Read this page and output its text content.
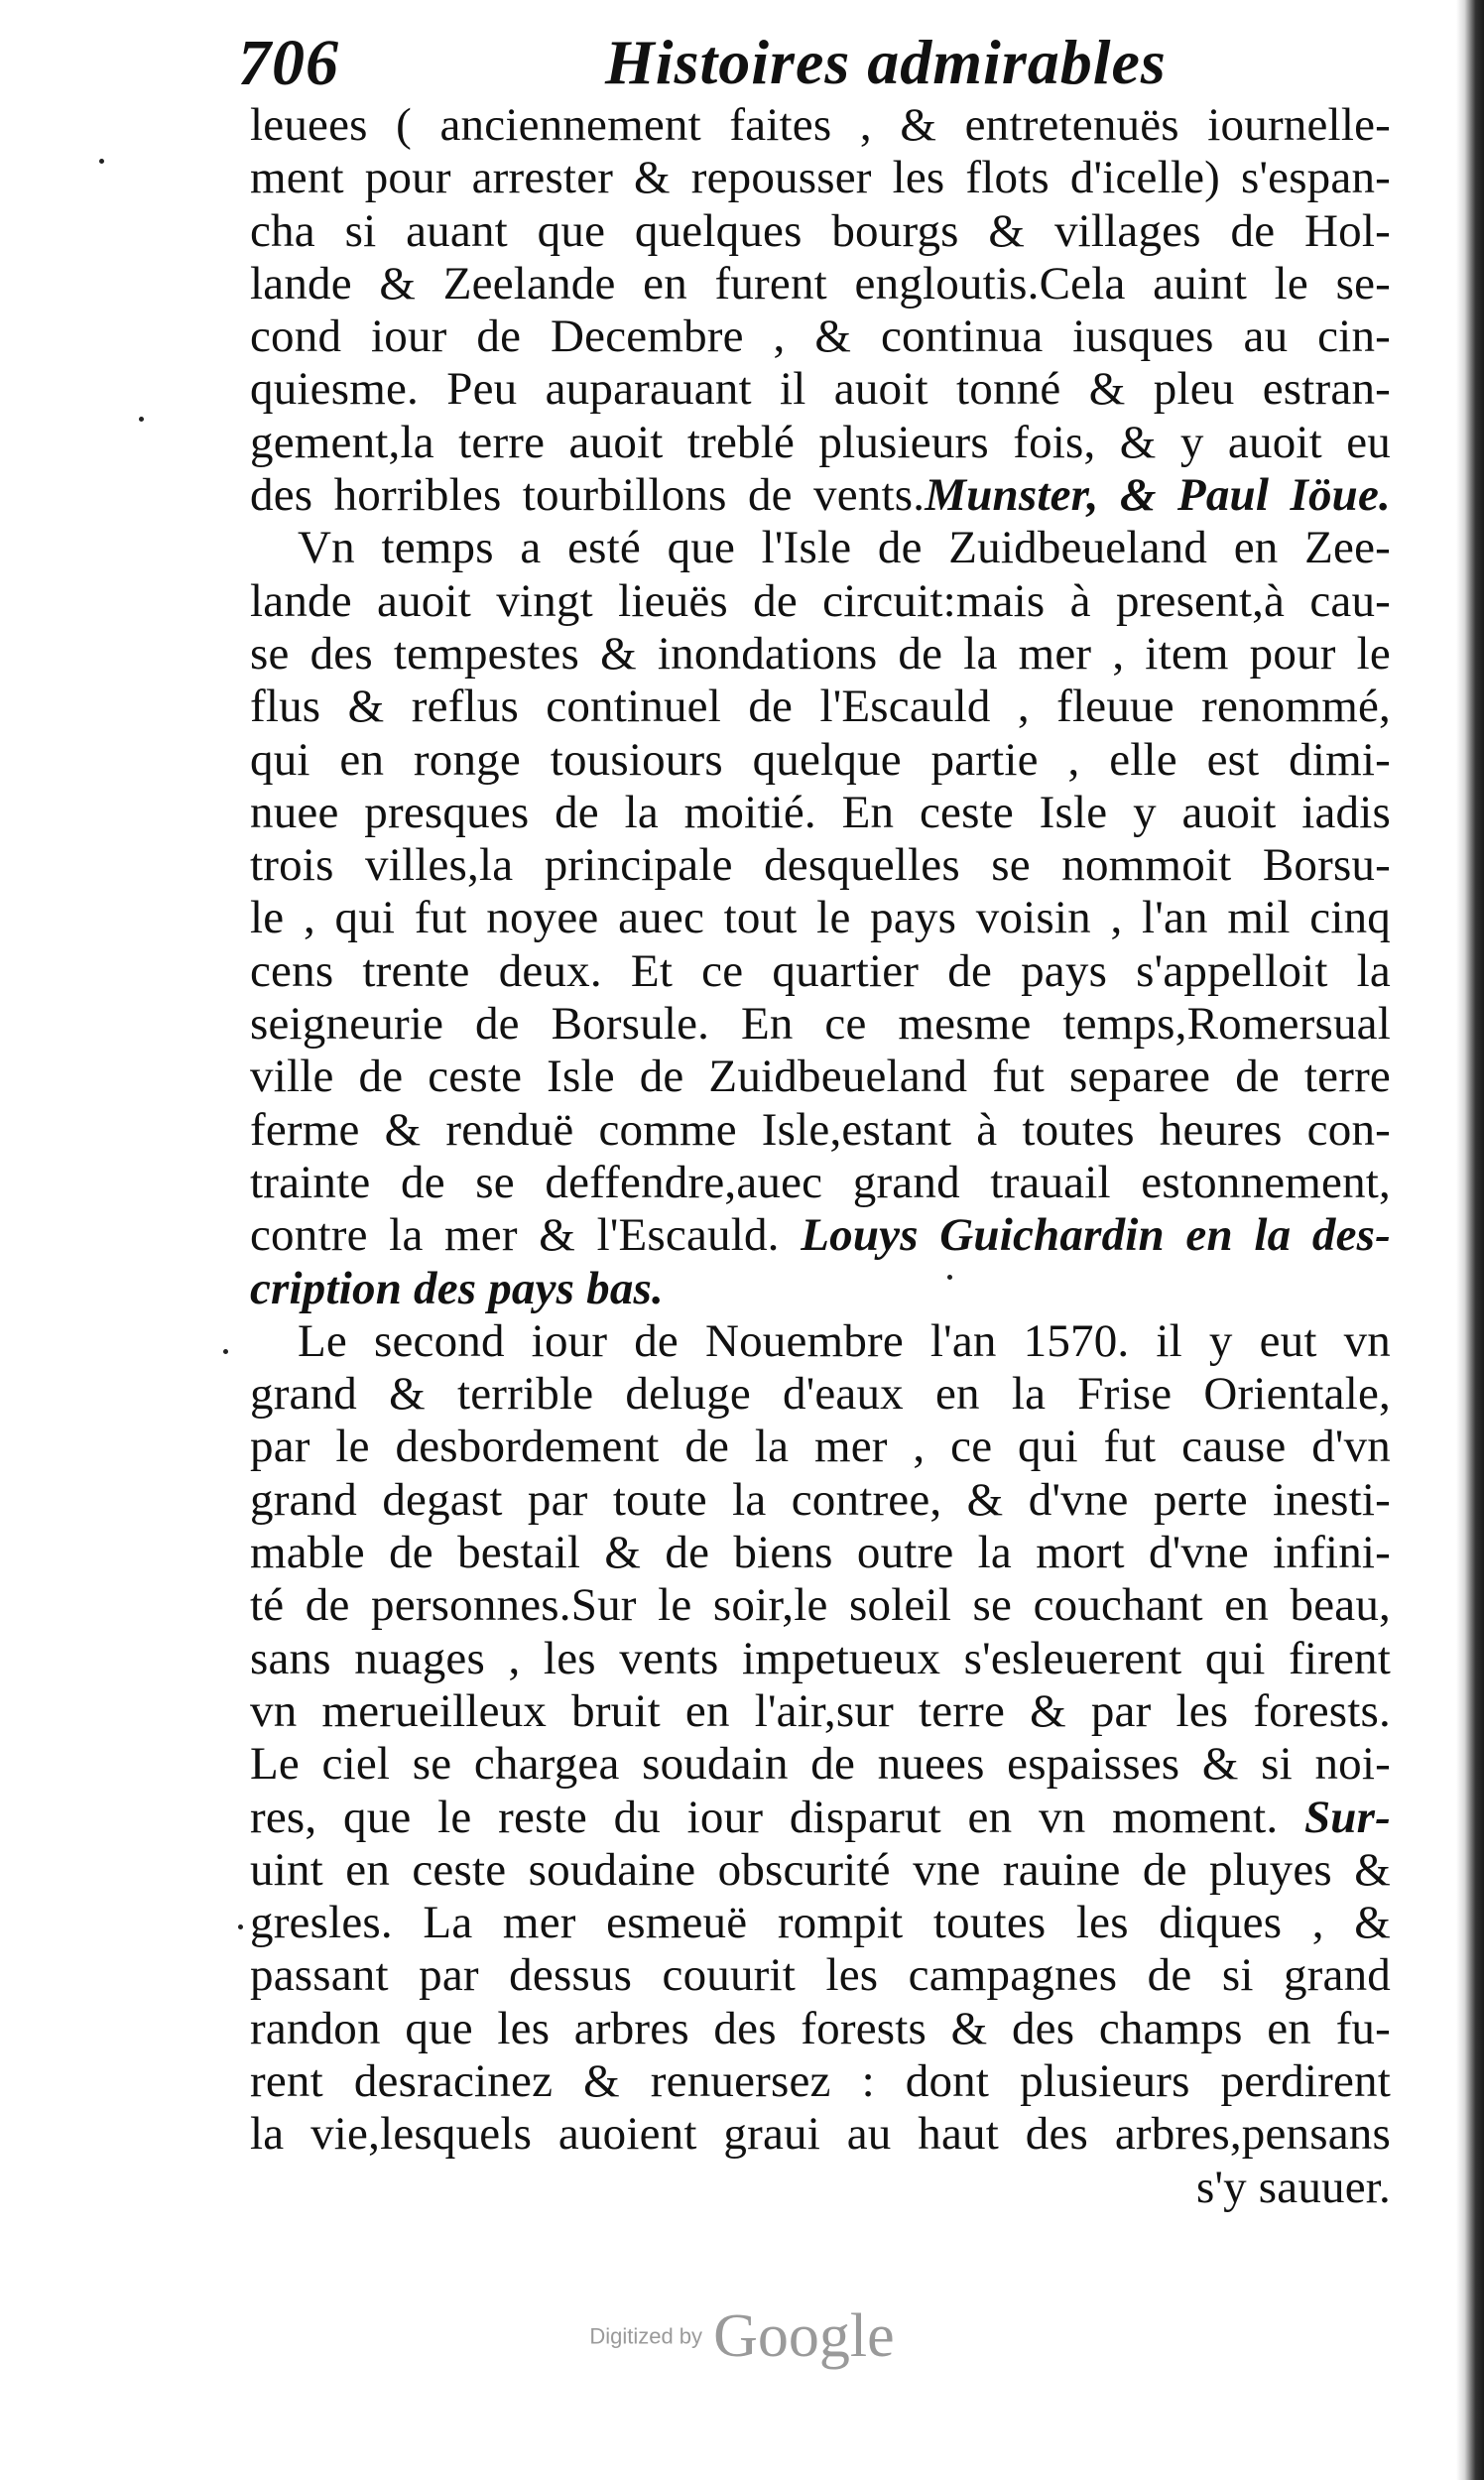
706	Histoires admirables
leuees ( anciennement faites , & entretenuës iournelle-
ment pour arrester & repousser les flots d'icelle) s'espan-
cha si auant que quelques bourgs & villages de Hol-
lande & Zeelande en furent engloutis.Cela auint le se-
cond iour de Decembre , & continua iusques au cin-
quiesme. Peu auparauant il auoit tonné & pleu estran-
gement,la terre auoit treblé plusieurs fois, & y auoit eu
des horribles tourbillons de vents.Munster, & Paul Iöue.
Vn temps a esté que l'Isle de Zuidbeueland en Zee-
lande auoit vingt lieuës de circuit:mais à present,à cau-
se des tempestes & inondations de la mer , item pour le
flus & reflus continuel de l'Escauld , fleuue renommé,
qui en ronge tousiours quelque partie , elle est dimi-
nuee presques de la moitié. En ceste Isle y auoit iadis
trois villes,la principale desquelles se nommoit Borsu-
le , qui fut noyee auec tout le pays voisin , l'an mil cinq
cens trente deux. Et ce quartier de pays s'appelloit la
seigneurie de Borsule. En ce mesme temps,Romersual
ville de ceste Isle de Zuidbeueland fut separee de terre
ferme & renduë comme Isle,estant à toutes heures con-
trainte de se deffendre,auec grand trauail estonnement,
contre la mer & l'Escauld. Louys Guichardin en la des-
cription des pays bas.
Le second iour de Nouembre l'an 1570. il y eut vn
grand & terrible deluge d'eaux en la Frise Orientale,
par le desbordement de la mer , ce qui fut cause d'vn
grand degast par toute la contree, & d'vne perte inesti-
mable de bestail & de biens outre la mort d'vne infini-
té de personnes.Sur le soir,le soleil se couchant en beau,
sans nuages , les vents impetueux s'esleuerent qui firent
vn merueilleux bruit en l'air,sur terre & par les forests.
Le ciel se chargea soudain de nuees espaisses & si noi-
res, que le reste du iour disparut en vn moment. Sur-
uint en ceste soudaine obscurité vne rauine de pluyes &
gresles. La mer esmeuë rompit toutes les diques , &
passant par dessus couurit les campagnes de si grand
randon que les arbres des forests & des champs en fu-
rent desracinez & renuersez : dont plusieurs perdirent
la vie,lesquels auoient graui au haut des arbres,pensans
s'y sauuer.
Digitized by Google
